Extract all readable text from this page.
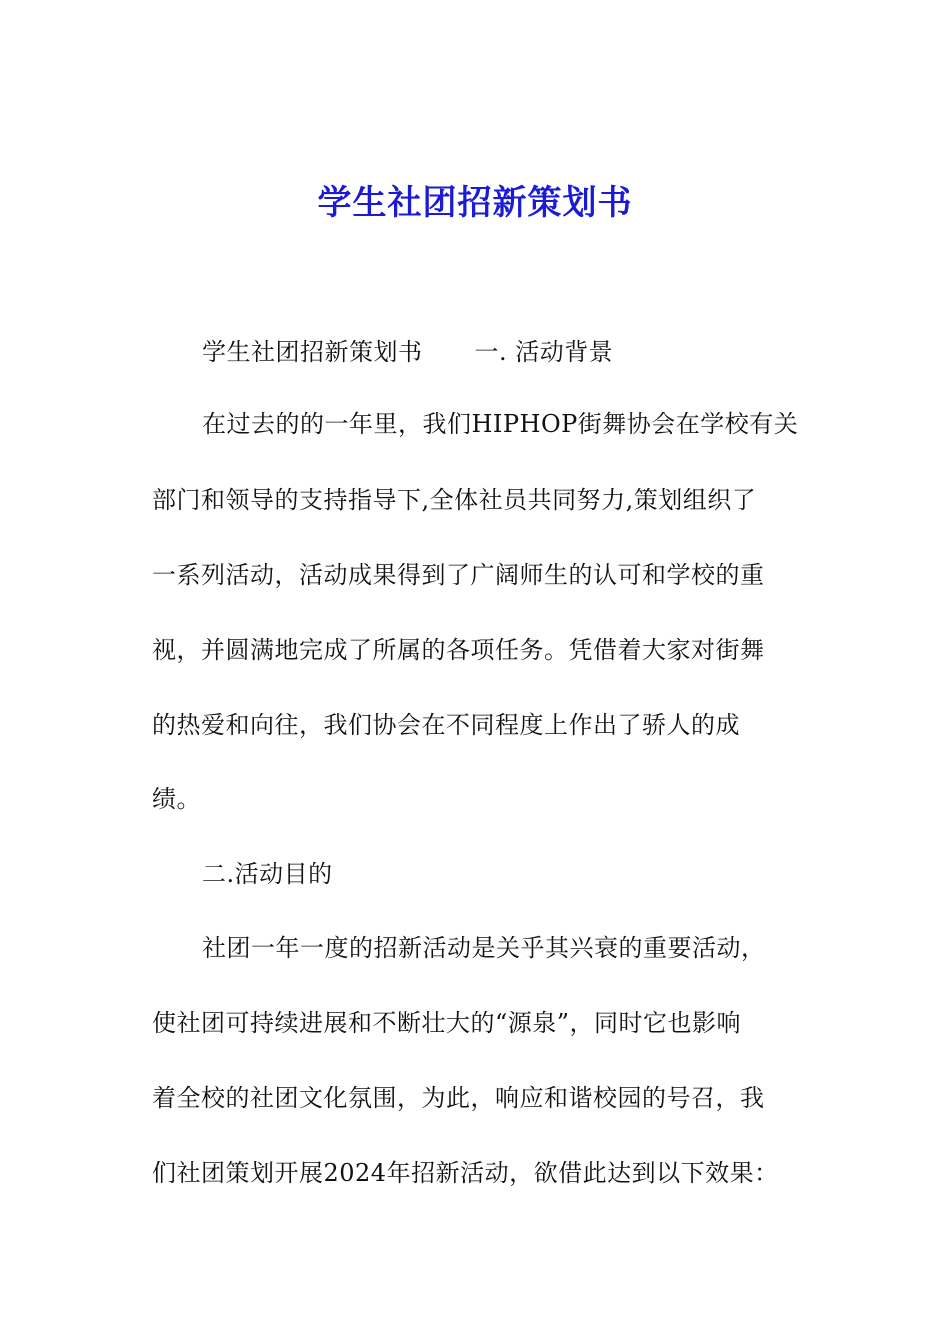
学生社团招新策划书
学生社团招新策划书 一. 活动背景
在过去的的一年里，我们HIPHOP街舞协会在学校有关
部门和领导的支持指导下,全体社员共同努力,策划组织了
一系列活动，活动成果得到了广阔师生的认可和学校的重
视，并圆满地完成了所属的各项任务。凭借着大家对街舞
的热爱和向往，我们协会在不同程度上作出了骄人的成
绩。
二.活动目的
社团一年一度的招新活动是关乎其兴衰的重要活动，
使社团可持续进展和不断壮大的“源泉”，同时它也影响
着全校的社团文化氛围，为此，响应和谐校园的号召，我
们社团策划开展2024年招新活动，欲借此达到以下效果：
